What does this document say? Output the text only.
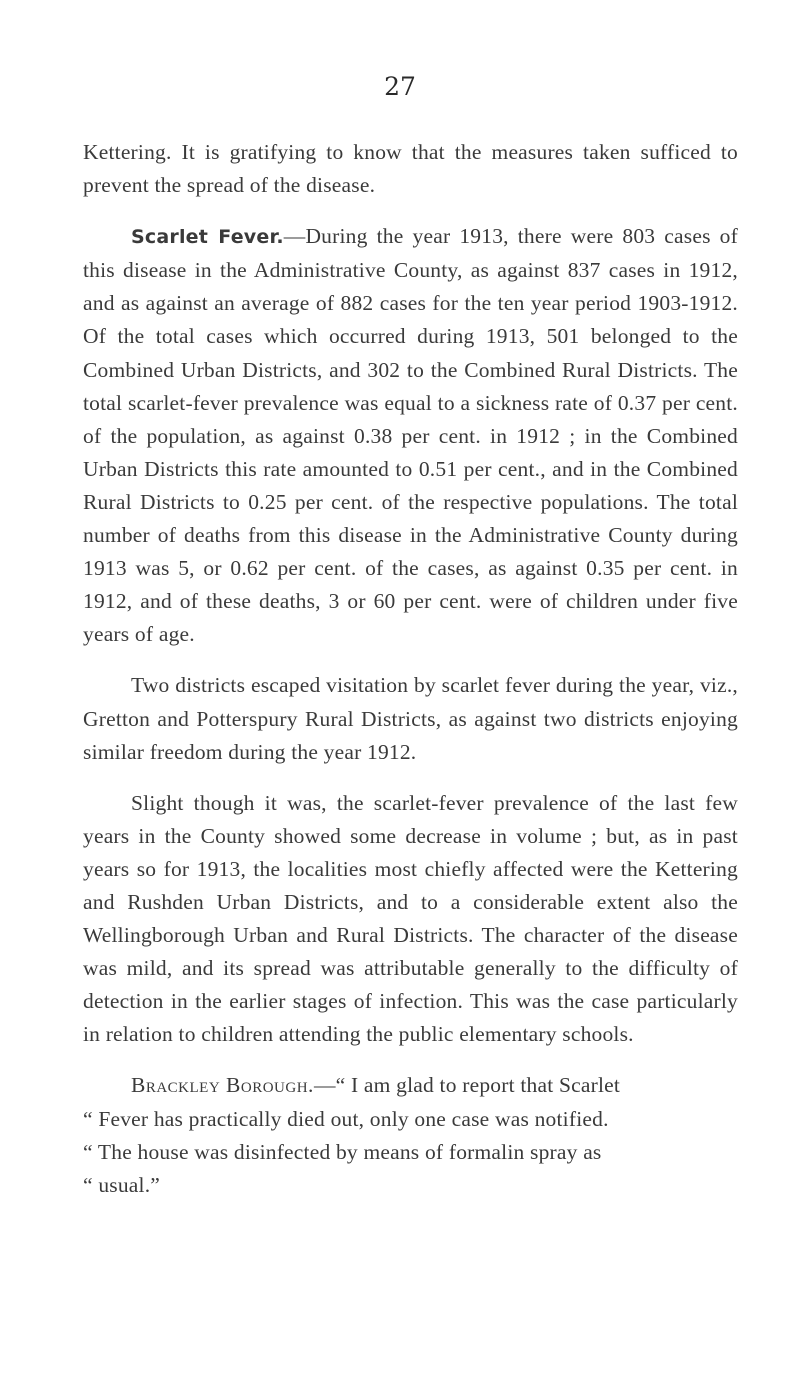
27

Kettering. It is gratifying to know that the measures taken sufficed to prevent the spread of the disease.

Scarlet Fever.—During the year 1913, there were 803 cases of this disease in the Administrative County, as against 837 cases in 1912, and as against an average of 882 cases for the ten year period 1903-1912. Of the total cases which occurred during 1913, 501 belonged to the Combined Urban Districts, and 302 to the Combined Rural Districts. The total scarlet-fever prevalence was equal to a sickness rate of 0.37 per cent. of the population, as against 0.38 per cent. in 1912 ; in the Combined Urban Districts this rate amounted to 0.51 per cent., and in the Combined Rural Districts to 0.25 per cent. of the respective populations. The total number of deaths from this disease in the Administrative County during 1913 was 5, or 0.62 per cent. of the cases, as against 0.35 per cent. in 1912, and of these deaths, 3 or 60 per cent. were of children under five years of age.

Two districts escaped visitation by scarlet fever during the year, viz., Gretton and Potterspury Rural Districts, as against two districts enjoying similar freedom during the year 1912.

Slight though it was, the scarlet-fever prevalence of the last few years in the County showed some decrease in volume ; but, as in past years so for 1913, the localities most chiefly affected were the Kettering and Rushden Urban Districts, and to a considerable extent also the Wellingborough Urban and Rural Districts. The character of the disease was mild, and its spread was attributable generally to the difficulty of detection in the earlier stages of infection. This was the case particularly in relation to children attending the public elementary schools.

Brackley Borough.—“ I am glad to report that Scarlet

“ Fever has practically died out, only one case was notified.

“ The house was disinfected by means of formalin spray as

“ usual.”
